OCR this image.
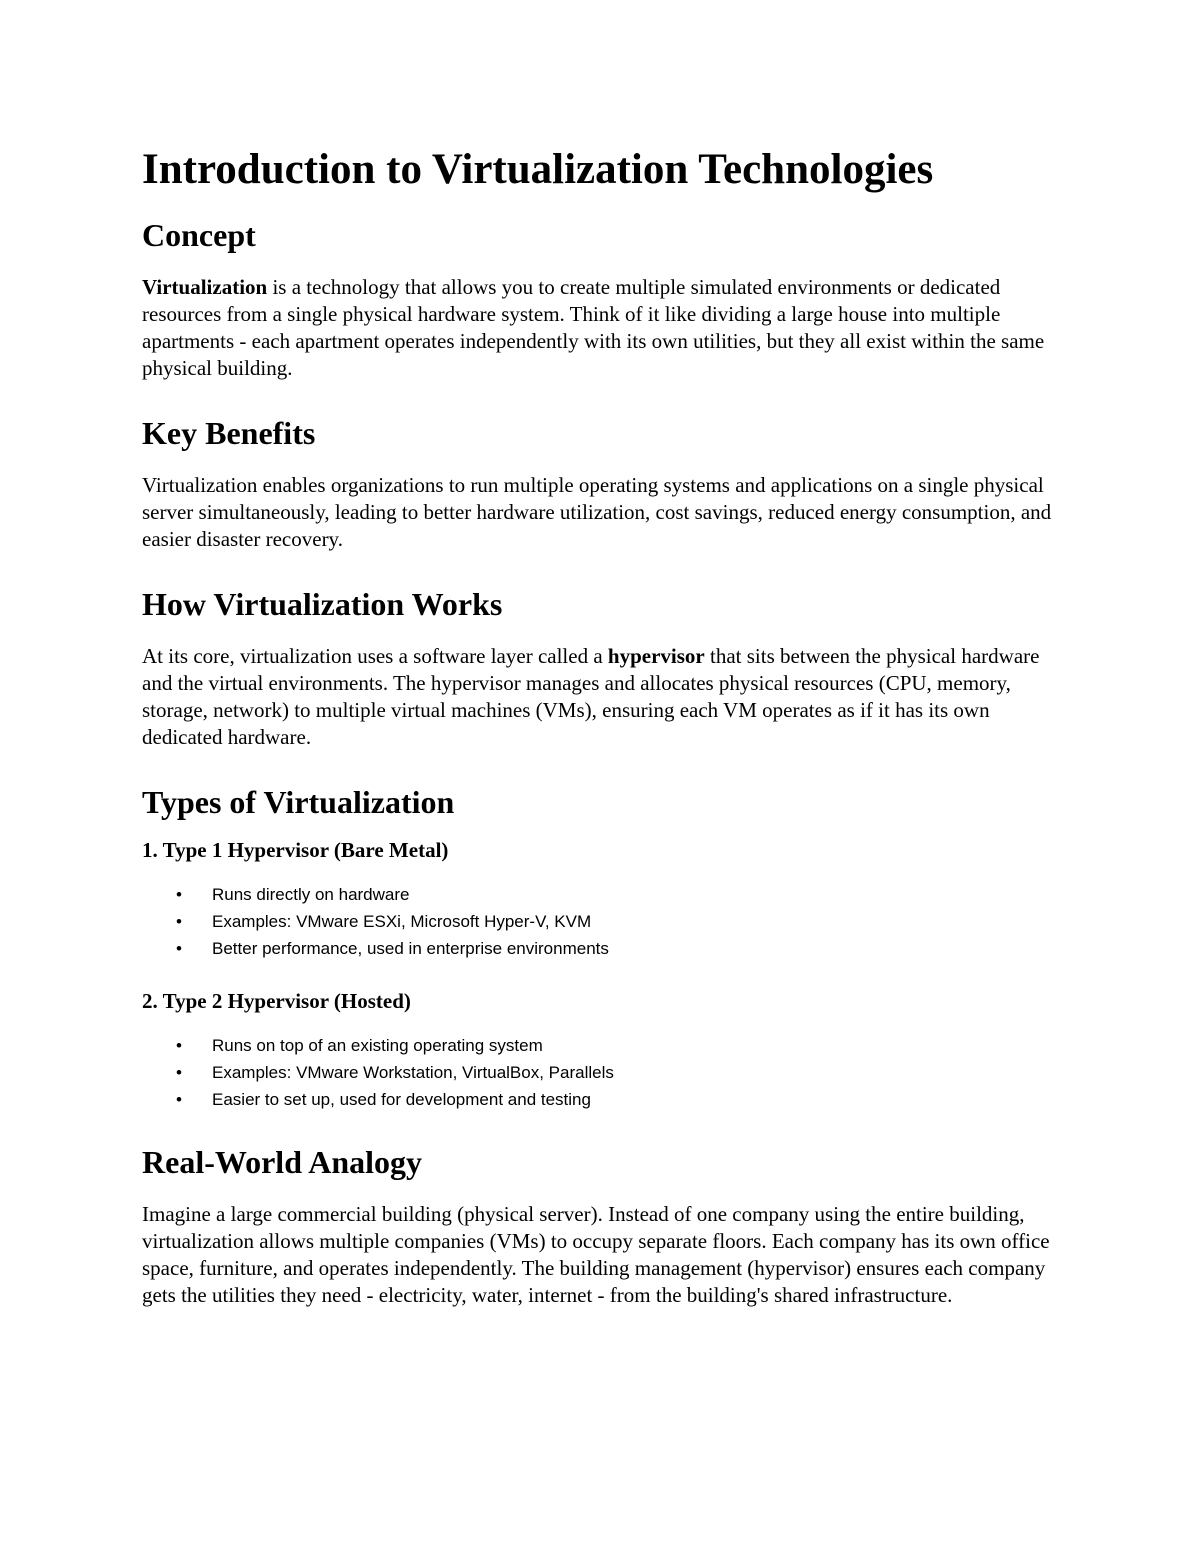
Introduction to Virtualization Technologies
Concept

Virtualization is a technology that allows you to create multiple simulated environments or dedicated resources from a single physical hardware system. Think of it like dividing a large house into multiple apartments - each apartment operates independently with its own utilities, but they all exist within the same physical building.

Key Benefits

Virtualization enables organizations to run multiple operating systems and applications on a single physical server simultaneously, leading to better hardware utilization, cost savings, reduced energy consumption, and easier disaster recovery.

How Virtualization Works

At its core, virtualization uses a software layer called a hypervisor that sits between the physical hardware and the virtual environments. The hypervisor manages and allocates physical resources (CPU, memory, storage, network) to multiple virtual machines (VMs), ensuring each VM operates as if it has its own dedicated hardware.

Types of Virtualization
1. Type 1 Hypervisor (Bare Metal)
• Runs directly on hardware
• Examples: VMware ESXi, Microsoft Hyper-V, KVM
• Better performance, used in enterprise environments
2. Type 2 Hypervisor (Hosted)
• Runs on top of an existing operating system
• Examples: VMware Workstation, VirtualBox, Parallels
• Easier to set up, used for development and testing
Real-World Analogy

Imagine a large commercial building (physical server). Instead of one company using the entire building, virtualization allows multiple companies (VMs) to occupy separate floors. Each company has its own office space, furniture, and operates independently. The building management (hypervisor) ensures each company gets the utilities they need - electricity, water, internet - from the building's shared infrastructure.
